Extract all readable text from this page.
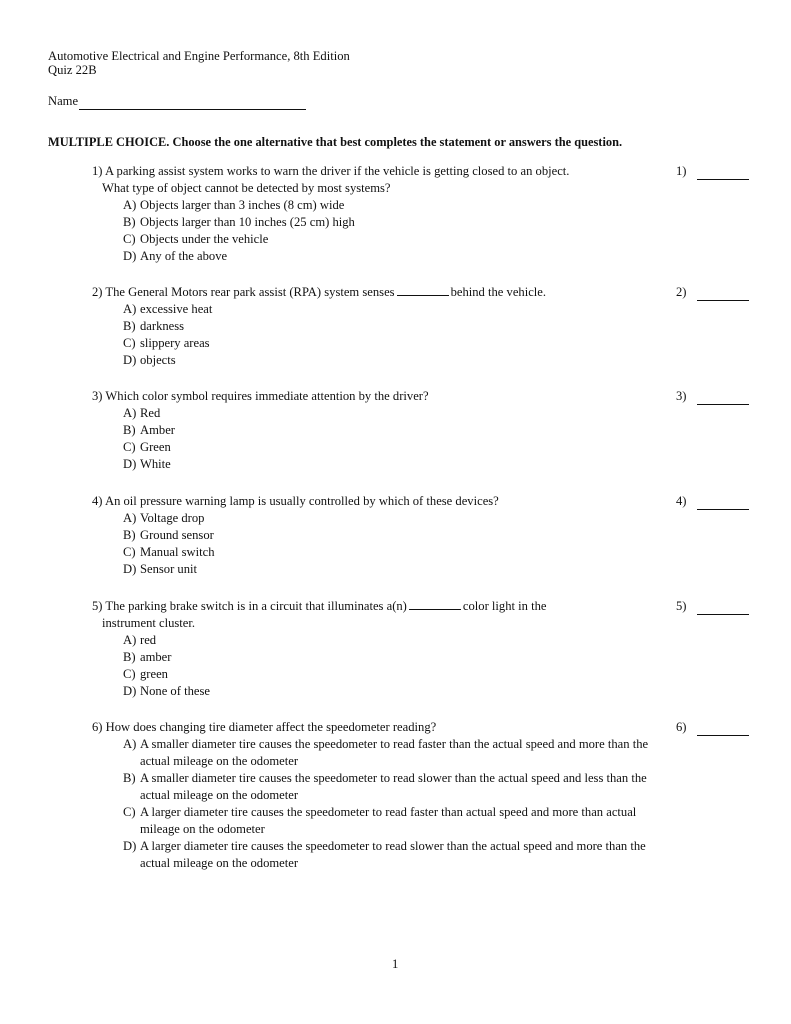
Automotive Electrical and Engine Performance, 8th Edition
Quiz 22B
Name
MULTIPLE CHOICE. Choose the one alternative that best completes the statement or answers the question.
1) A parking assist system works to warn the driver if the vehicle is getting closed to an object.
What type of object cannot be detected by most systems?
1)
A) Objects larger than 3 inches (8 cm) wide
B) Objects larger than 10 inches (25 cm) high
C) Objects under the vehicle
D) Any of the above
2) The General Motors rear park assist (RPA) system senses	behind the vehicle.	2)
A) excessive heat
B) darkness
C) slippery areas
D) objects
3) Which color symbol requires immediate attention by the driver?	3)
A) Red
B) Amber
C) Green
D) White
4) An oil pressure warning lamp is usually controlled by which of these devices?	4)
A) Voltage drop
B) Ground sensor
C) Manual switch
D) Sensor unit
5) The parking brake switch is in a circuit that illuminates a(n)	color light in the
instrument cluster.
5)
A) red
B) amber
C) green
D) None of these
6) How does changing tire diameter affect the speedometer reading?	6)
A) A smaller diameter tire causes the speedometer to read faster than the actual speed and more than the actual mileage on the odometer
B) A smaller diameter tire causes the speedometer to read slower than the actual speed and less than the actual mileage on the odometer
C) A larger diameter tire causes the speedometer to read faster than actual speed and more than actual mileage on the odometer
D) A larger diameter tire causes the speedometer to read slower than the actual speed and more than the actual mileage on the odometer
1
